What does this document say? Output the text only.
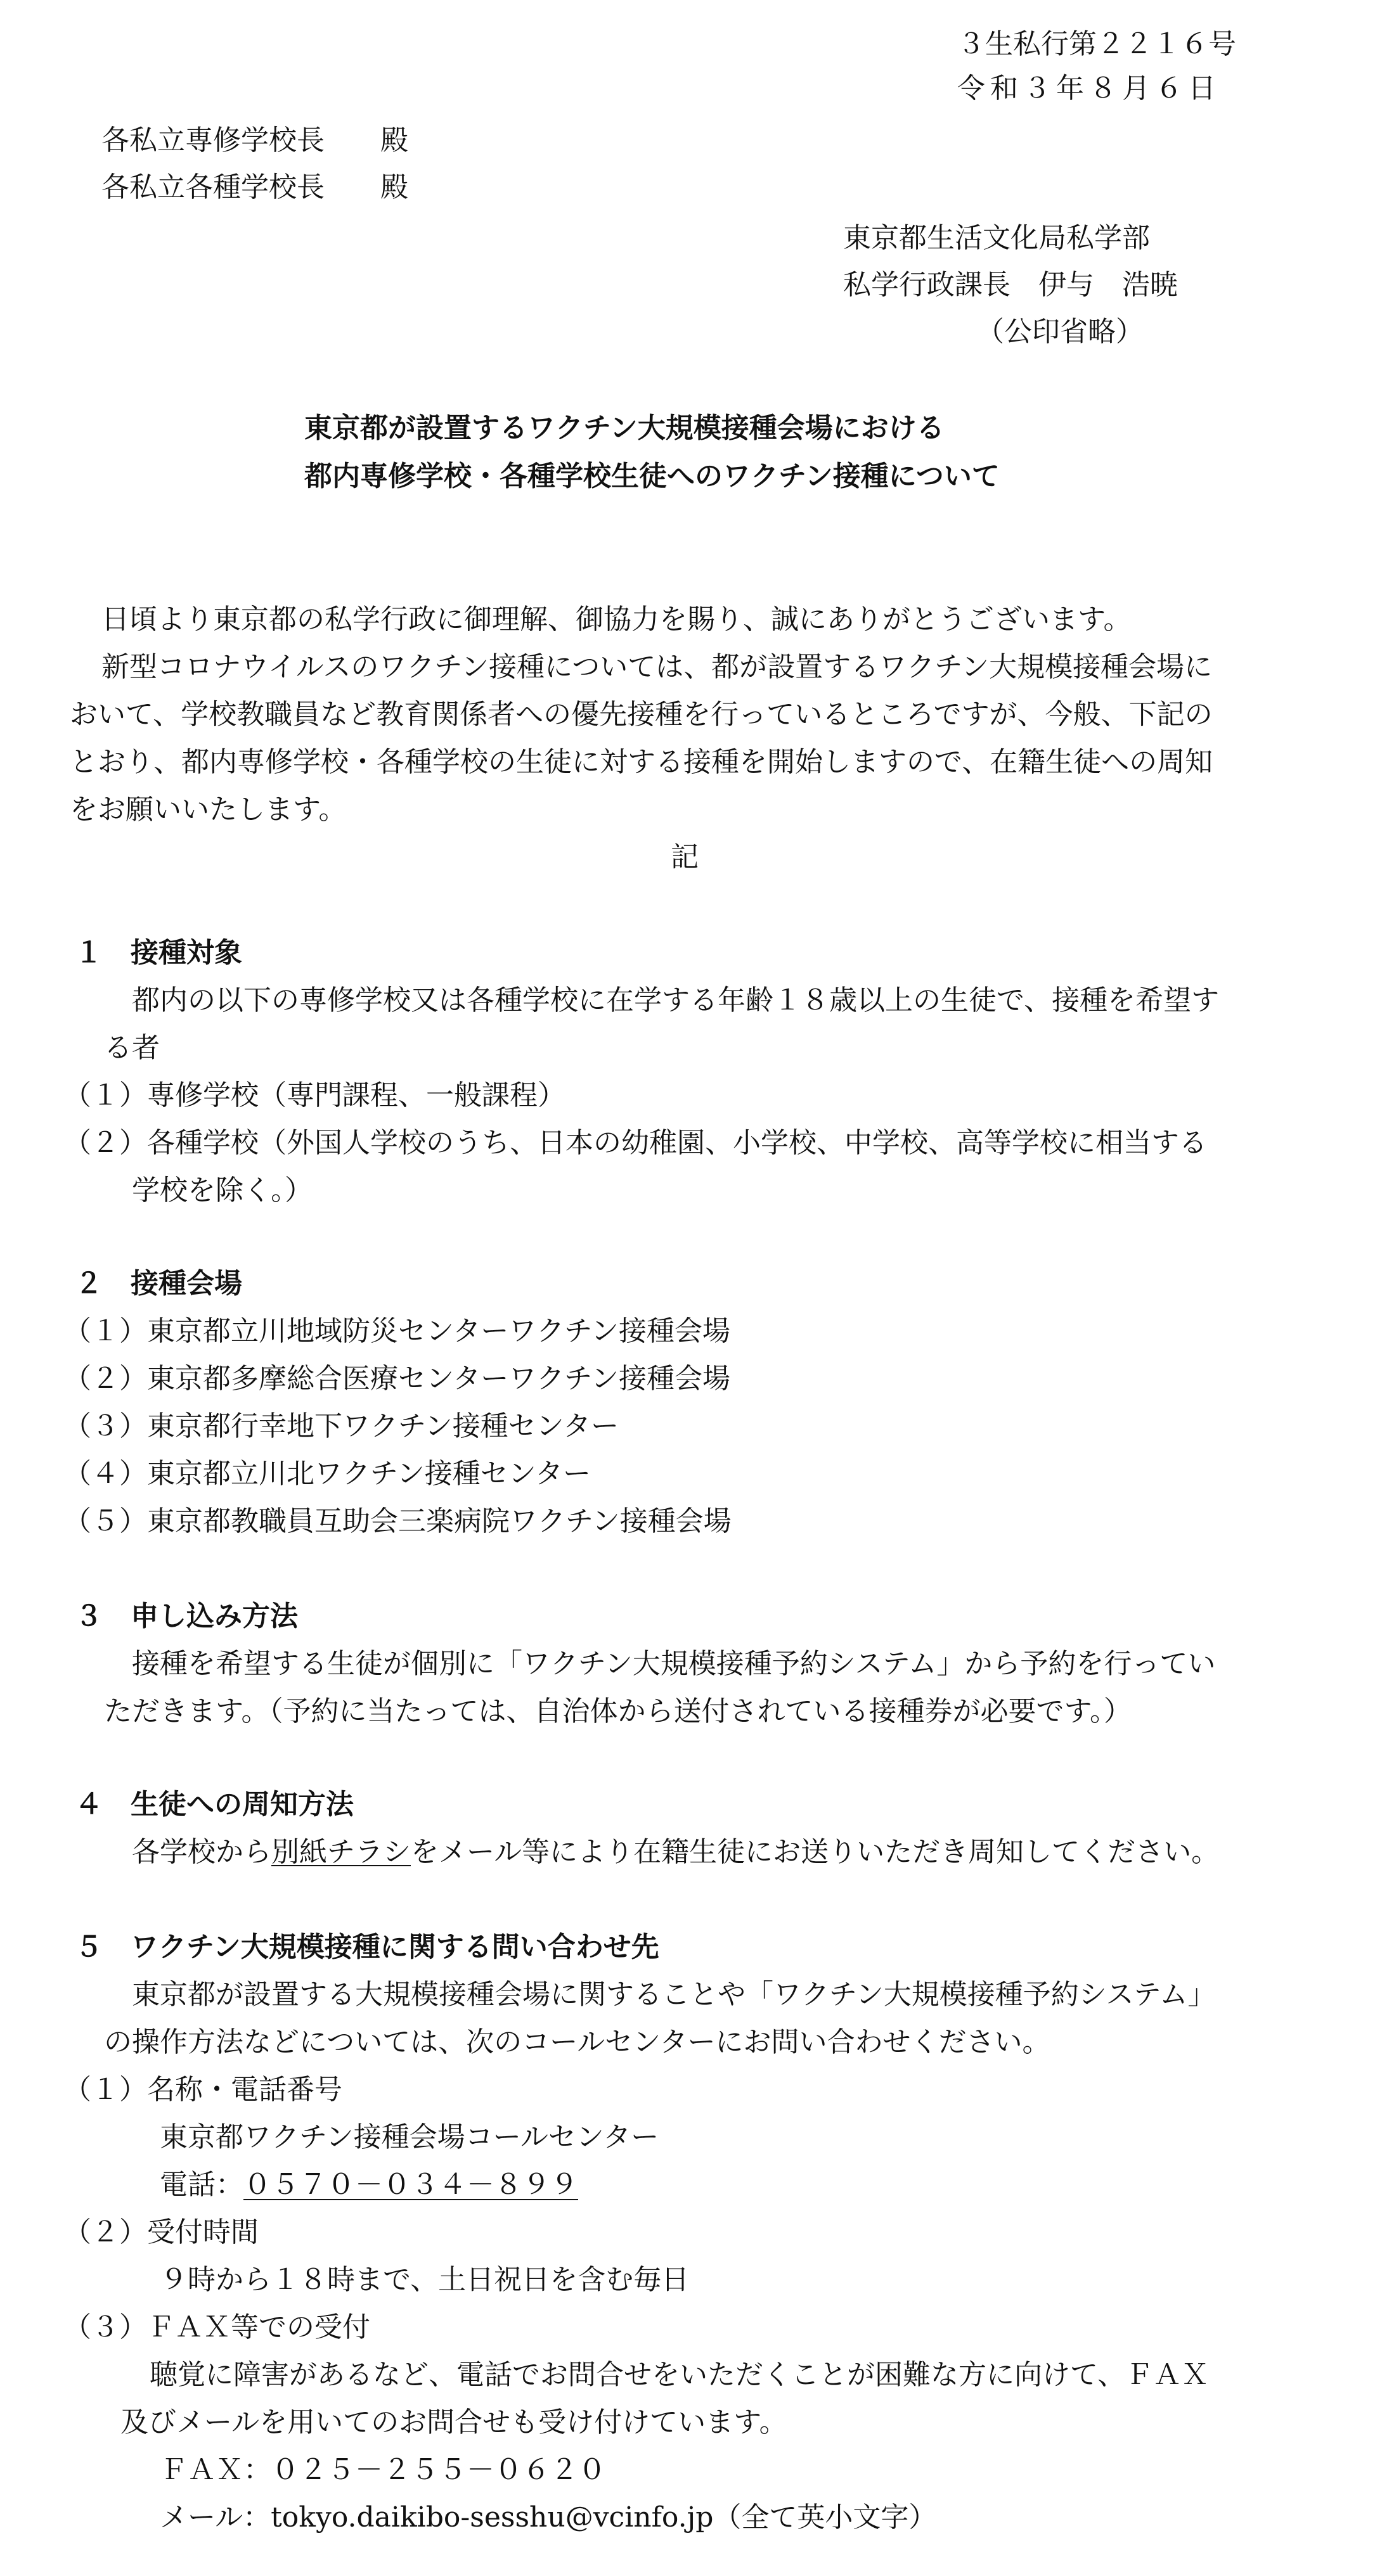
３生私行第２２１６号
令和３年８月６日
各私立専修学校長　　殿
各私立各種学校長　　殿
東京都生活文化局私学部
私学行政課長　伊与　浩暁
（公印省略）
東京都が設置するワクチン大規模接種会場における
都内専修学校・各種学校生徒へのワクチン接種について
日頃より東京都の私学行政に御理解、御協力を賜り、誠にありがとうございます。
新型コロナウイルスのワクチン接種については、都が設置するワクチン大規模接種会場に
おいて、学校教職員など教育関係者への優先接種を行っているところですが、今般、下記の
とおり、都内専修学校・各種学校の生徒に対する接種を開始しますので、在籍生徒への周知
をお願いいたします。
記
１　接種対象
都内の以下の専修学校又は各種学校に在学する年齢１８歳以上の生徒で、接種を希望す
る者
（１）専修学校（専門課程、一般課程）
（２）各種学校（外国人学校のうち、日本の幼稚園、小学校、中学校、高等学校に相当する
学校を除く。）
２　接種会場
（１）東京都立川地域防災センターワクチン接種会場
（２）東京都多摩総合医療センターワクチン接種会場
（３）東京都行幸地下ワクチン接種センター
（４）東京都立川北ワクチン接種センター
（５）東京都教職員互助会三楽病院ワクチン接種会場
３　申し込み方法
接種を希望する生徒が個別に「ワクチン大規模接種予約システム」から予約を行ってい
ただきます。（予約に当たっては、自治体から送付されている接種券が必要です。）
４　生徒への周知方法
各学校から別紙チラシをメール等により在籍生徒にお送りいただき周知してください。
５　ワクチン大規模接種に関する問い合わせ先
東京都が設置する大規模接種会場に関することや「ワクチン大規模接種予約システム」
の操作方法などについては、次のコールセンターにお問い合わせください。
（１）名称・電話番号
東京都ワクチン接種会場コールセンター
電話：０５７０－０３４－８９９
（２）受付時間
９時から１８時まで、土日祝日を含む毎日
（３）ＦＡＸ等での受付
聴覚に障害があるなど、電話でお問合せをいただくことが困難な方に向けて、ＦＡＸ
及びメールを用いてのお問合せも受け付けています。
ＦＡＸ：０２５－２５５－０６２０
メール：tokyo.daikibo-sesshu@vcinfo.jp（全て英小文字）
